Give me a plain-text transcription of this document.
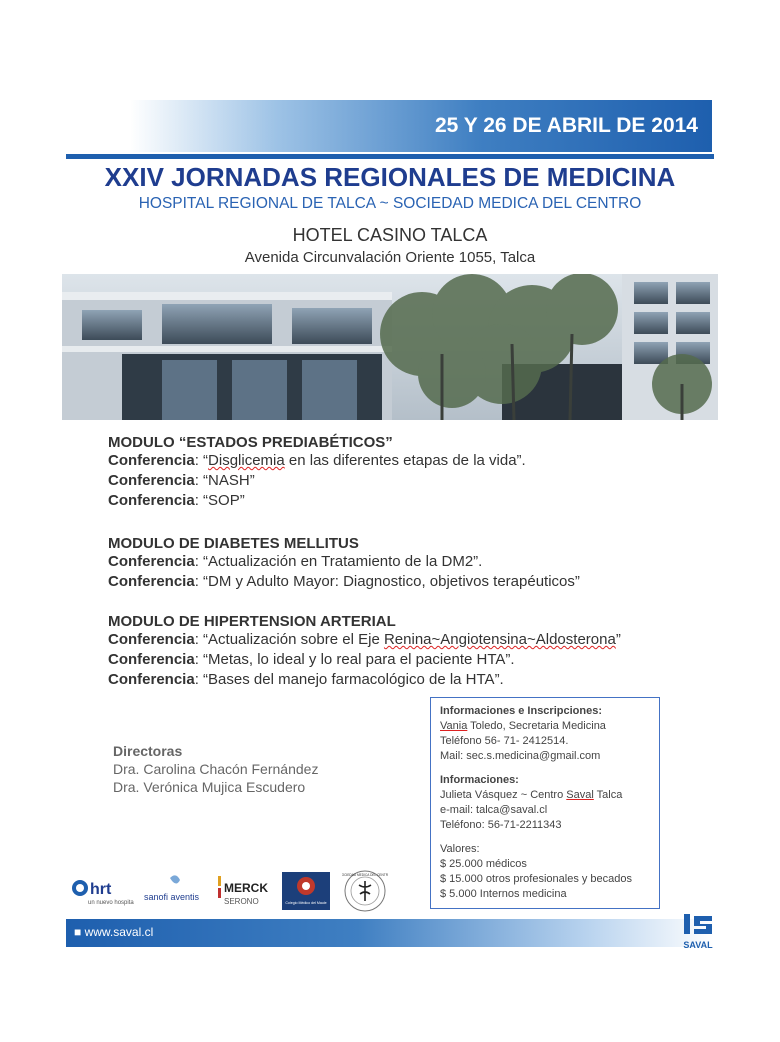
25 Y 26 DE ABRIL DE 2014
XXIV JORNADAS REGIONALES DE MEDICINA
HOSPITAL REGIONAL DE TALCA ~ SOCIEDAD MEDICA DEL CENTRO
HOTEL CASINO TALCA
Avenida Circunvalación Oriente 1055, Talca
MODULO “ESTADOS PREDIABÉTICOS”
Conferencia: “Disglicemia en las diferentes etapas de la vida”.
Conferencia: “NASH”
Conferencia: “SOP”
MODULO DE DIABETES MELLITUS
Conferencia: “Actualización en Tratamiento de la DM2”.
Conferencia: “DM y Adulto Mayor: Diagnostico, objetivos terapéuticos”
MODULO DE HIPERTENSION ARTERIAL
Conferencia: “Actualización sobre el Eje Renina~Angiotensina~Aldosterona”
Conferencia: “Metas, lo ideal y lo real para el paciente HTA”.
Conferencia: “Bases del manejo farmacológico de la HTA”.
Directoras
Dra. Carolina Chacón Fernández
Dra. Verónica Mujica Escudero
Informaciones e Inscripciones:
Vania Toledo, Secretaria Medicina
Teléfono 56- 71- 2412514.
Mail: sec.s.medicina@gmail.com
Informaciones:
Julieta Vásquez ~ Centro Saval Talca
e-mail: talca@saval.cl
Teléfono: 56-71-2211343
Valores:
$ 25.000 médicos
$ 15.000 otros profesionales y becados
$ 5.000 Internos medicina
hrt
un nuevo hospital
sanofi aventis
MERCK
SERONO	Colegio Médico del Maule
SOCIEDAD MEDICA DEL CENTRO
■ www.saval.cl
SAVAL
